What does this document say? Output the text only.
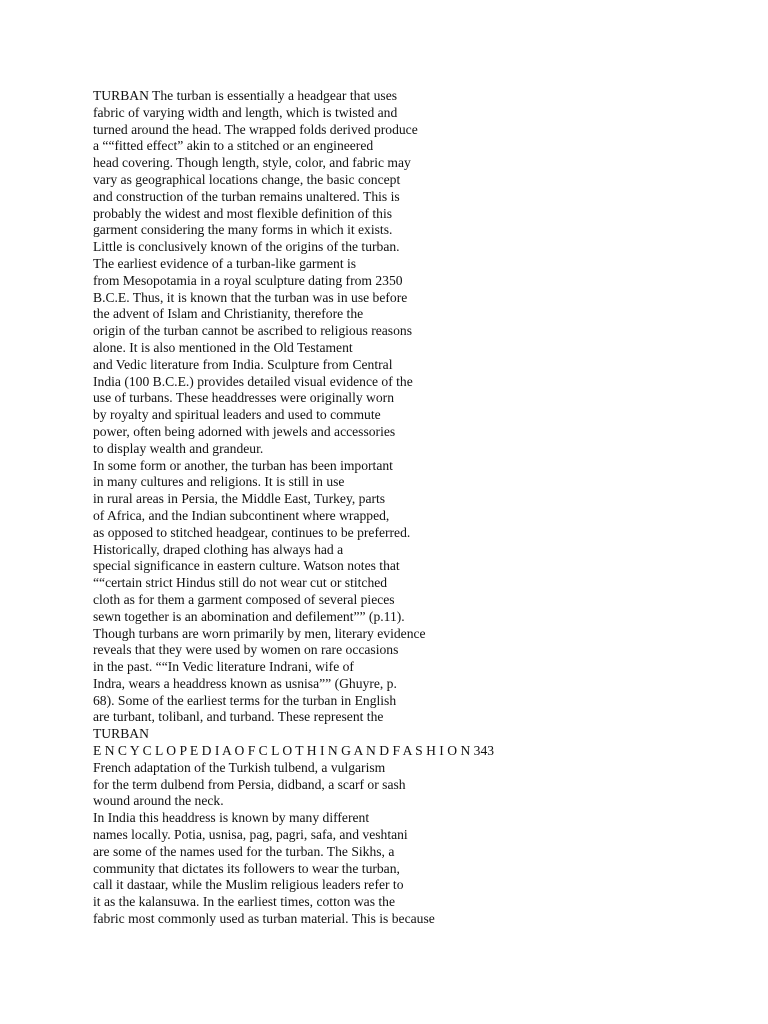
TURBAN The turban is essentially a headgear that uses
fabric of varying width and length, which is twisted and
turned around the head. The wrapped folds derived produce
a ““fitted effect” akin to a stitched or an engineered
head covering. Though length, style, color, and fabric may
vary as geographical locations change, the basic concept
and construction of the turban remains unaltered. This is
probably the widest and most flexible definition of this
garment considering the many forms in which it exists.
Little is conclusively known of the origins of the turban.
The earliest evidence of a turban-like garment is
from Mesopotamia in a royal sculpture dating from 2350
B.C.E. Thus, it is known that the turban was in use before
the advent of Islam and Christianity, therefore the
origin of the turban cannot be ascribed to religious reasons
alone. It is also mentioned in the Old Testament
and Vedic literature from India. Sculpture from Central
India (100 B.C.E.) provides detailed visual evidence of the
use of turbans. These headdresses were originally worn
by royalty and spiritual leaders and used to commute
power, often being adorned with jewels and accessories
to display wealth and grandeur.
In some form or another, the turban has been important
in many cultures and religions. It is still in use
in rural areas in Persia, the Middle East, Turkey, parts
of Africa, and the Indian subcontinent where wrapped,
as opposed to stitched headgear, continues to be preferred.
Historically, draped clothing has always had a
special significance in eastern culture. Watson notes that
““certain strict Hindus still do not wear cut or stitched
cloth as for them a garment composed of several pieces
sewn together is an abomination and defilement”” (p.11).
Though turbans are worn primarily by men, literary evidence
reveals that they were used by women on rare occasions
in the past. ““In Vedic literature Indrani, wife of
Indra, wears a headdress known as usnisa”” (Ghuyre, p.
68). Some of the earliest terms for the turban in English
are turbant, tolibanl, and turband. These represent the
TURBAN
E N C Y C L O P E D I A O F C L O T H I N G A N D F A S H I O N 343
French adaptation of the Turkish tulbend, a vulgarism
for the term dulbend from Persia, didband, a scarf or sash
wound around the neck.
In India this headdress is known by many different
names locally. Potia, usnisa, pag, pagri, safa, and veshtani
are some of the names used for the turban. The Sikhs, a
community that dictates its followers to wear the turban,
call it dastaar, while the Muslim religious leaders refer to
it as the kalansuwa. In the earliest times, cotton was the
fabric most commonly used as turban material. This is because
